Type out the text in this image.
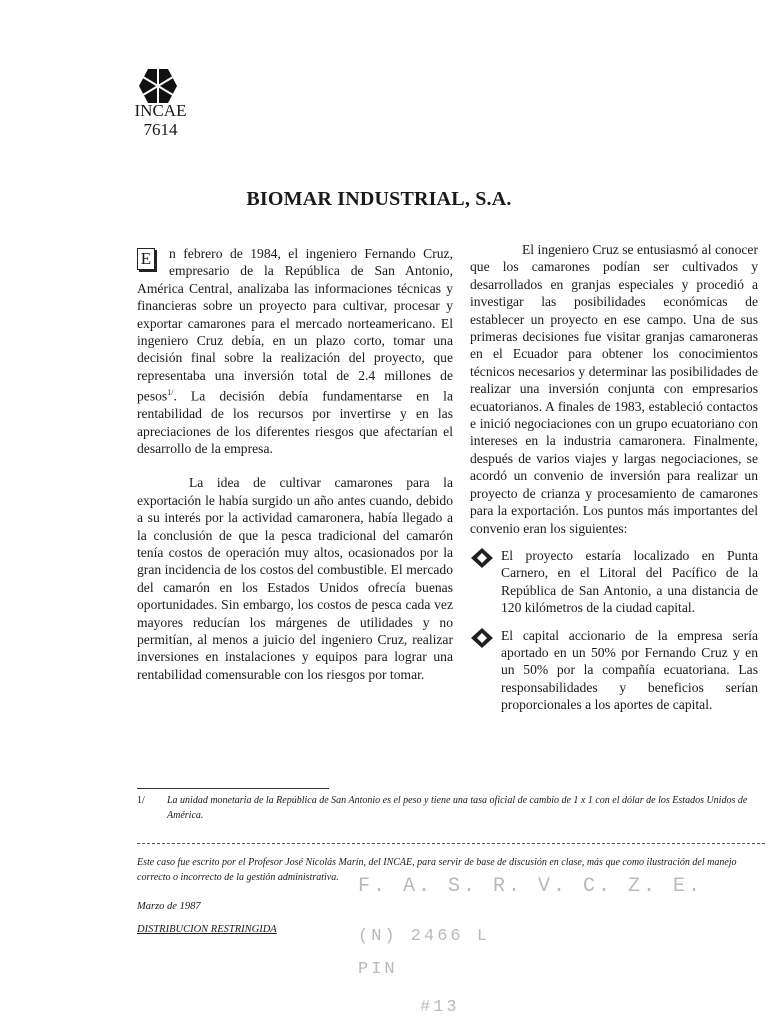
INCAE
7614
BIOMAR INDUSTRIAL, S.A.

E n febrero de 1984, el ingeniero Fernando Cruz, empresario de la República de San Antonio, América Central, analizaba las informaciones técnicas y financieras sobre un proyecto para cultivar, procesar y exportar camarones para el mercado norteamericano. El ingeniero Cruz debía, en un plazo corto, tomar una decisión final sobre la realización del proyecto, que representaba una inversión total de 2.4 millones de pesos$^{1/}$. La decisión debía fundamentarse en la rentabilidad de los recursos por invertirse y en las apreciaciones de los diferentes riesgos que afectarían el desarrollo de la empresa.

La idea de cultivar camarones para la exportación le había surgido un año antes cuando, debido a su interés por la actividad camaronera, había llegado a la conclusión de que la pesca tradicional del camarón tenía costos de operación muy altos, ocasionados por la gran incidencia de los costos del combustible. El mercado del camarón en los Estados Unidos ofrecía buenas oportunidades. Sin embargo, los costos de pesca cada vez mayores reducían los márgenes de utilidades y no permitían, al menos a juicio del ingeniero Cruz, realizar inversiones en instalaciones y equipos para lograr una rentabilidad comensurable con los riesgos por tomar.

El ingeniero Cruz se entusiasmó al conocer que los camarones podían ser cultivados y desarrollados en granjas especiales y procedió a investigar las posibilidades económicas de establecer un proyecto en ese campo. Una de sus primeras decisiones fue visitar granjas camaroneras en el Ecuador para obtener los conocimientos técnicos necesarios y determinar las posibilidades de realizar una inversión conjunta con empresarios ecuatorianos. A finales de 1983, estableció contactos e inició negociaciones con un grupo ecuatoriano con intereses en la industria camaronera. Finalmente, después de varios viajes y largas negociaciones, se acordó un convenio de inversión para realizar un proyecto de crianza y procesamiento de camarones para la exportación. Los puntos más importantes del convenio eran los siguientes:

El proyecto estaría localizado en Punta Carnero, en el Litoral del Pacífico de la República de San Antonio, a una distancia de 120 kilómetros de la ciudad capital.

El capital accionario de la empresa sería aportado en un 50% por Fernando Cruz y en un 50% por la compañía ecuatoriana. Las responsabilidades y beneficios serían proporcionales a los aportes de capital.

1/ La unidad monetaria de la República de San Antonio es el peso y tiene una tasa oficial de cambio de 1 x 1 con el dólar de los Estados Unidos de América.
Este caso fue escrito por el Profesor José Nicolás Marín, del INCAE, para servir de base de discusión en clase, más que como ilustración del manejo correcto o incorrecto de la gestión administrativa.
Marzo de 1987
DISTRIBUCION RESTRINGIDA
F. A. S. R. V. C. Z. E.
(N) 2466 L
PIN
#13
